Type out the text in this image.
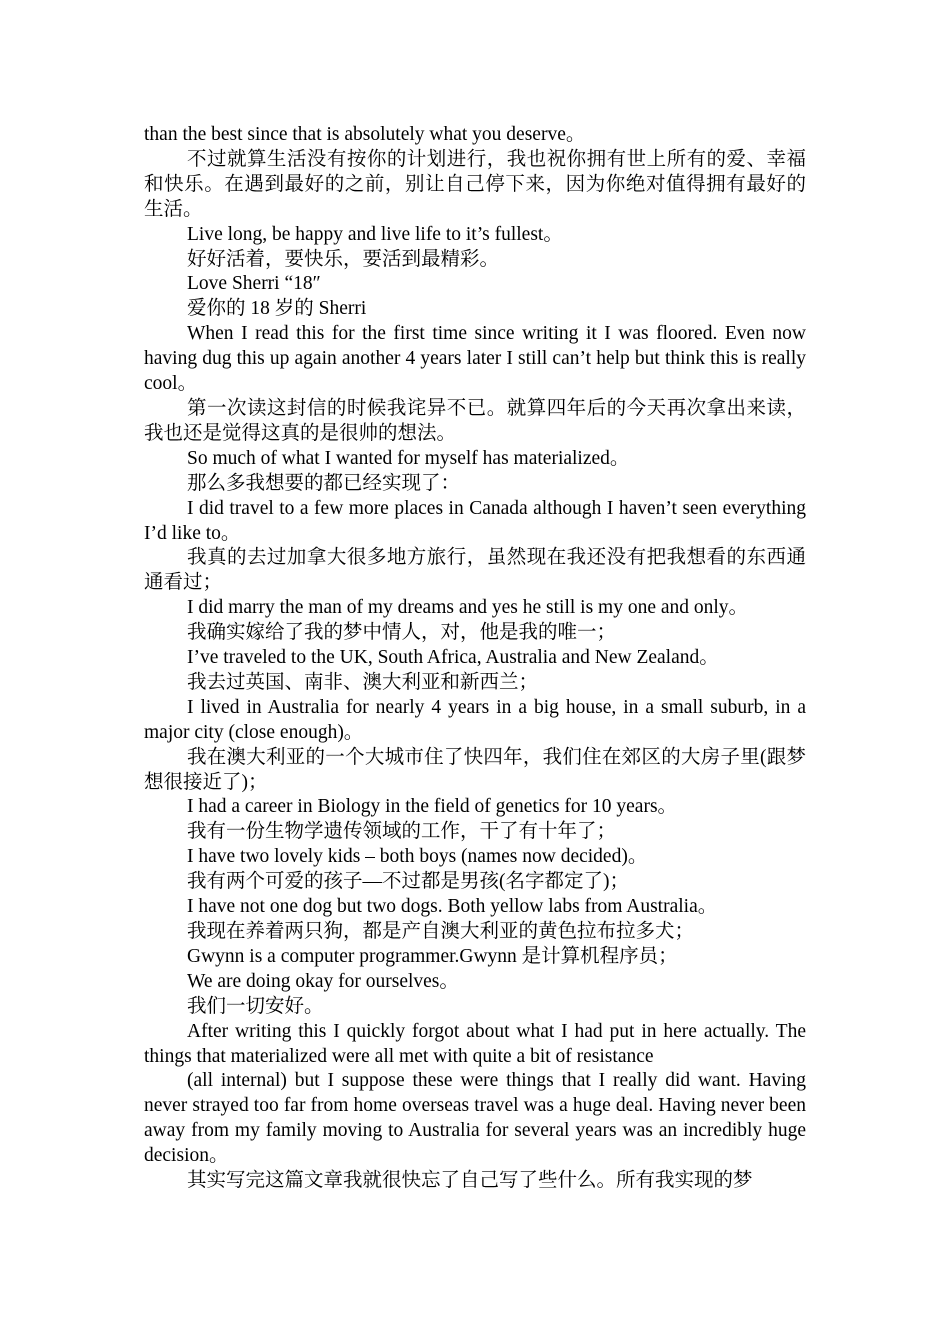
than the best since that is absolutely what you deserve。

不过就算生活没有按你的计划进行，我也祝你拥有世上所有的爱、幸福和快乐。在遇到最好的之前，别让自己停下来，因为你绝对值得拥有最好的生活。

Live long, be happy and live life to it’s fullest。

好好活着，要快乐，要活到最精彩。

Love Sherri “18″

爱你的 18 岁的 Sherri

When I read this for the first time since writing it I was floored. Even now having dug this up again another 4 years later I still can’t help but think this is really cool。

第一次读这封信的时候我诧异不已。就算四年后的今天再次拿出来读，我也还是觉得这真的是很帅的想法。

So much of what I wanted for myself has materialized。

那么多我想要的都已经实现了：

I did travel to a few more places in Canada although I haven’t seen everything I’d like to。

我真的去过加拿大很多地方旅行，虽然现在我还没有把我想看的东西通通看过；

I did marry the man of my dreams and yes he still is my one and only。

我确实嫁给了我的梦中情人，对，他是我的唯一；

I’ve traveled to the UK, South Africa, Australia and New Zealand。

我去过英国、南非、澳大利亚和新西兰；

I lived in Australia for nearly 4 years in a big house, in a small suburb, in a major city (close enough)。

我在澳大利亚的一个大城市住了快四年，我们住在郊区的大房子里(跟梦想很接近了)；

I had a career in Biology in the field of genetics for 10 years。

我有一份生物学遗传领域的工作，干了有十年了；

I have two lovely kids – both boys (names now decided)。

我有两个可爱的孩子—不过都是男孩(名字都定了)；

I have not one dog but two dogs. Both yellow labs from Australia。

我现在养着两只狗，都是产自澳大利亚的黄色拉布拉多犬；

Gwynn is a computer programmer.Gwynn 是计算机程序员；

We are doing okay for ourselves。

我们一切安好。

After writing this I quickly forgot about what I had put in here actually. The things that materialized were all met with quite a bit of resistance

(all internal) but I suppose these were things that I really did want. Having never strayed too far from home overseas travel was a huge deal. Having never been away from my family moving to Australia for several years was an incredibly huge decision。

其实写完这篇文章我就很快忘了自己写了些什么。所有我实现的梦
